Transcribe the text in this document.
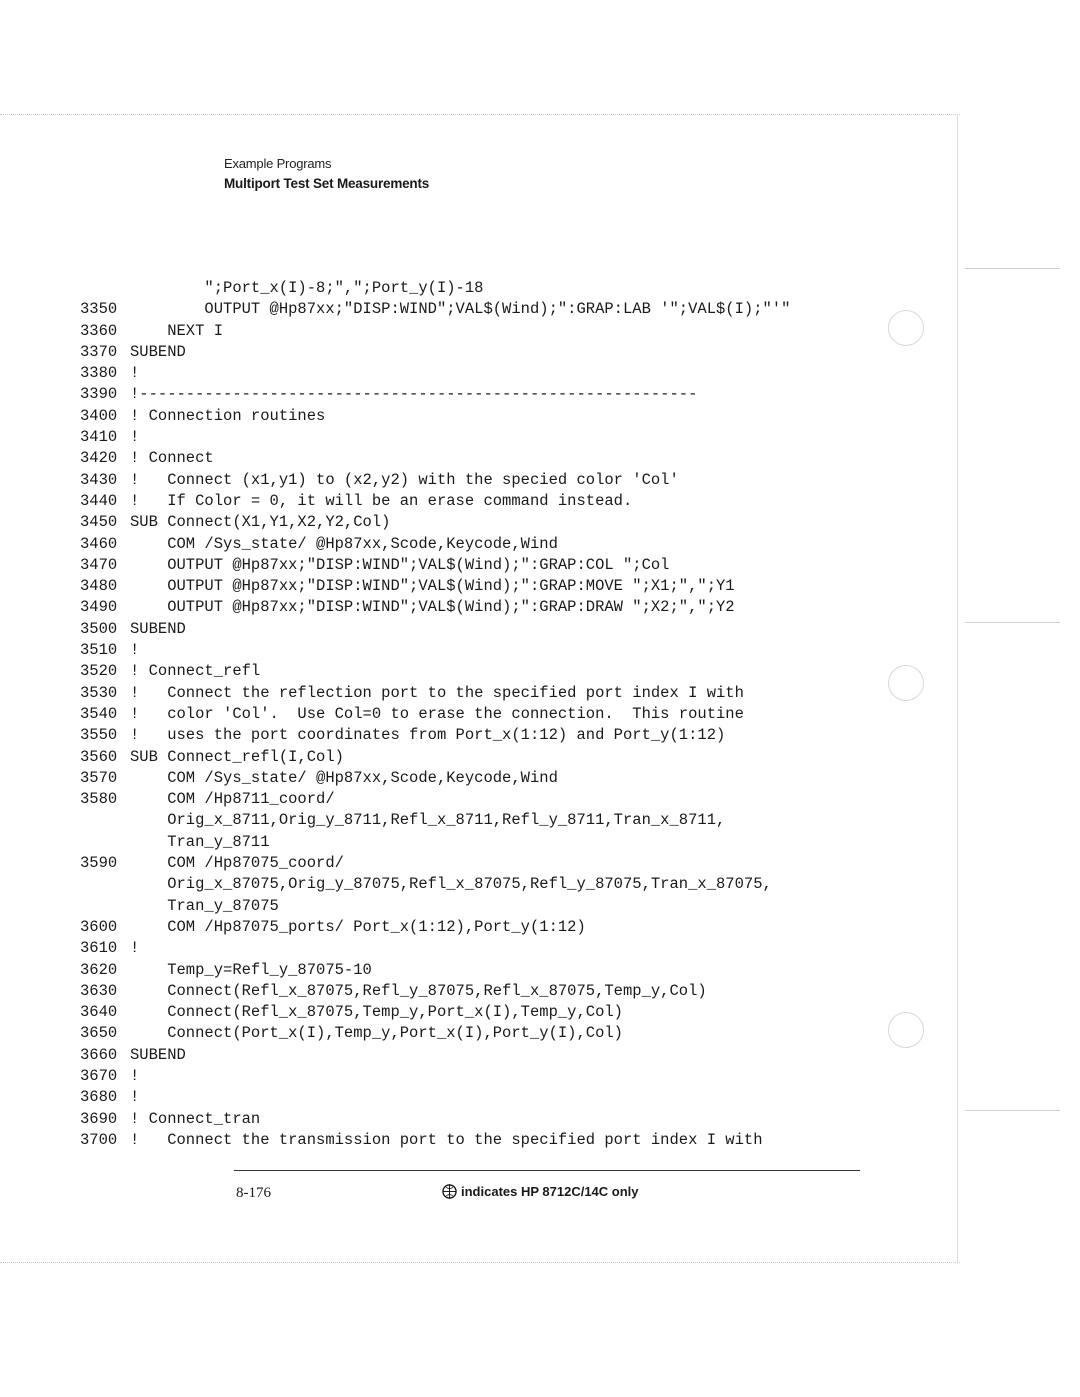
Example Programs
Multiport Test Set Measurements
";Port_x(I)-8;",";Port_y(I)-18
3350        OUTPUT @Hp87xx;"DISP:WIND";VAL$(Wind);":GRAP:LAB '";VAL$(I);"'"
3360    NEXT I
3370 SUBEND
3380 !
3390 !------------------------------------------------------------
3400 ! Connection routines
3410 !
3420 ! Connect
3430 !   Connect (x1,y1) to (x2,y2) with the specied color 'Col'
3440 !   If Color = 0, it will be an erase command instead.
3450 SUB Connect(X1,Y1,X2,Y2,Col)
3460    COM /Sys_state/ @Hp87xx,Scode,Keycode,Wind
3470    OUTPUT @Hp87xx;"DISP:WIND";VAL$(Wind);":GRAP:COL ";Col
3480    OUTPUT @Hp87xx;"DISP:WIND";VAL$(Wind);":GRAP:MOVE ";X1;",";Y1
3490    OUTPUT @Hp87xx;"DISP:WIND";VAL$(Wind);":GRAP:DRAW ";X2;",";Y2
3500 SUBEND
3510 !
3520 ! Connect_refl
3530 !   Connect the reflection port to the specified port index I with
3540 !   color 'Col'.  Use Col=0 to erase the connection.  This routine
3550 !   uses the port coordinates from Port_x(1:12) and Port_y(1:12)
3560 SUB Connect_refl(I,Col)
3570    COM /Sys_state/ @Hp87xx,Scode,Keycode,Wind
3580    COM /Hp8711_coord/
Orig_x_8711,Orig_y_8711,Refl_x_8711,Refl_y_8711,Tran_x_8711,
Tran_y_8711
3590    COM /Hp87075_coord/
Orig_x_87075,Orig_y_87075,Refl_x_87075,Refl_y_87075,Tran_x_87075,
Tran_y_87075
3600    COM /Hp87075_ports/ Port_x(1:12),Port_y(1:12)
3610 !
3620    Temp_y=Refl_y_87075-10
3630    Connect(Refl_x_87075,Refl_y_87075,Refl_x_87075,Temp_y,Col)
3640    Connect(Refl_x_87075,Temp_y,Port_x(I),Temp_y,Col)
3650    Connect(Port_x(I),Temp_y,Port_x(I),Port_y(I),Col)
3660 SUBEND
3670 !
3680 !
3690 ! Connect_tran
3700 !   Connect the transmission port to the specified port index I with
8-176	indicates HP 8712C/14C only
